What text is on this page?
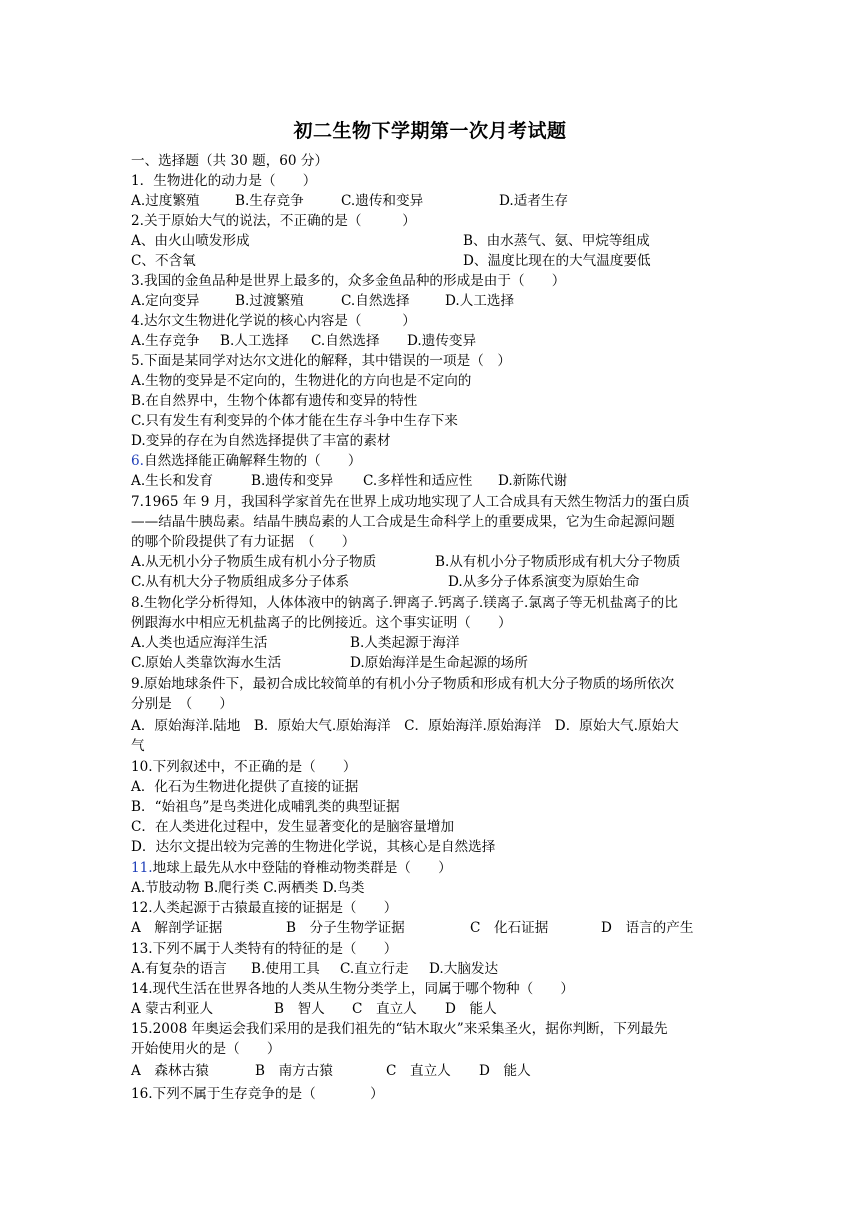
初二生物下学期第一次月考试题
一、选择题（共 30 题，60 分）
1．生物进化的动力是（　　）
A.过度繁殖	B.生存竞争	C.遗传和变异	D.适者生存
2.关于原始大气的说法，不正确的是（　　　）
A、由火山喷发形成	B、由水蒸气、氨、甲烷等组成
C、不含氧	D、温度比现在的大气温度要低
3.我国的金鱼品种是世界上最多的，众多金鱼品种的形成是由于（　　）
A.定向变异	B.过渡繁殖	C.自然选择	D.人工选择
4.达尔文生物进化学说的核心内容是（　　　）
A.生存竞争 B.人工选择 C.自然选择 D.遗传变异
5.下面是某同学对达尔文进化的解释，其中错误的一项是（　）
A.生物的变异是不定向的，生物进化的方向也是不定向的
B.在自然界中，生物个体都有遗传和变异的特性
C.只有发生有利变异的个体才能在生存斗争中生存下来
D.变异的存在为自然选择提供了丰富的素材
6.自然选择能正确解释生物的（　　）
A.生长和发育	B.遗传和变异 C.多样性和适应性 D.新陈代谢
7.1965 年 9 月，我国科学家首先在世界上成功地实现了人工合成具有天然生物活力的蛋白质
——结晶牛胰岛素。结晶牛胰岛素的人工合成是生命科学上的重要成果，它为生命起源问题
的哪个阶段提供了有力证据　（　　）
A.从无机小分子物质生成有机小分子物质	B.从有机小分子物质形成有机大分子物质
C.从有机大分子物质组成多分子体系	D.从多分子体系演变为原始生命
8.生物化学分析得知，人体体液中的钠离子.钾离子.钙离子.镁离子.氯离子等无机盐离子的比
例跟海水中相应无机盐离子的比例接近。这个事实证明（　　）
A.人类也适应海洋生活	B.人类起源于海洋
C.原始人类靠饮海水生活	D.原始海洋是生命起源的场所
9.原始地球条件下，最初合成比较简单的有机小分子物质和形成有机大分子物质的场所依次
分别是　（　　）
A．原始海洋.陆地　B．原始大气.原始海洋　C．原始海洋.原始海洋　D．原始大气.原始大
气
10.下列叙述中，不正确的是（　　）
A．化石为生物进化提供了直接的证据
B．“始祖鸟”是鸟类进化成哺乳类的典型证据
C．在人类进化过程中，发生显著变化的是脑容量增加
D．达尔文提出较为完善的生物进化学说，其核心是自然选择
11.地球上最先从水中登陆的脊椎动物类群是（　　）
A.节肢动物 B.爬行类 C.两栖类 D.鸟类
12.人类起源于古猿最直接的证据是（　　）
A　解剖学证据	B　分子生物学证据	C　化石证据	D　语言的产生
13.下列不属于人类特有的特征的是（　　）
A.有复杂的语言 B.使用工具 C.直立行走 D.大脑发达
14.现代生活在世界各地的人类从生物分类学上，同属于哪个物种（　　）
A 蒙古利亚人	B　智人 C　直立人 D　能人
15.2008 年奥运会我们采用的是我们祖先的“钻木取火”来采集圣火，据你判断，下列最先
开始使用火的是（　　）
A　森林古猿	B　南方古猿	C　直立人 D　能人
16.下列不属于生存竞争的是（　　　　）
